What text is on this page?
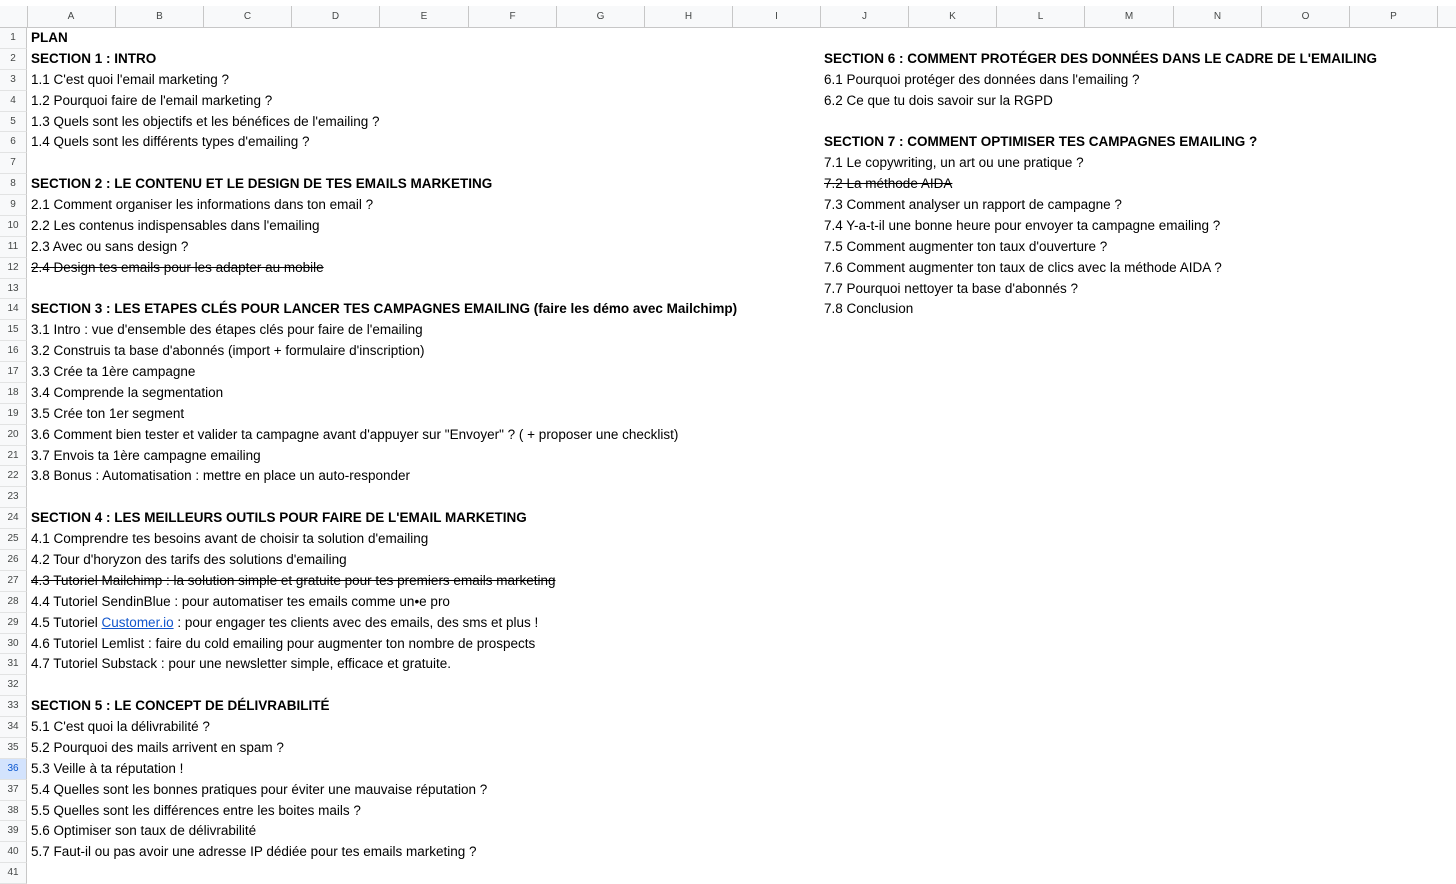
A	B	C	D	E	F	G	H	I	J	K	L	M	N	O	P
1
2
3
4
5
6
7
8
9
10
11
12
13
14
15
16
17
18
19
20
21
22
23
24
25
26
27
28
29
30
31
32
33
34
35
36
37
38
39
40
41
PLAN
SECTION 1 : INTRO
1.1 C'est quoi l'email marketing ?
1.2 Pourquoi faire de l'email marketing ?
1.3 Quels sont les objectifs et les bénéfices de l'emailing ?
1.4 Quels sont les différents types d'emailing ?
SECTION 2 : LE CONTENU ET LE DESIGN DE TES EMAILS MARKETING
2.1 Comment organiser les informations dans ton email ?
2.2 Les contenus indispensables dans l'emailing
2.3 Avec ou sans design ?
2.4 Design tes emails pour les adapter au mobile
SECTION 3 : LES ETAPES CLÉS POUR LANCER TES CAMPAGNES EMAILING (faire les démo avec Mailchimp)
3.1 Intro : vue d'ensemble des étapes clés pour faire de l'emailing
3.2 Construis ta base d'abonnés (import + formulaire d'inscription)
3.3 Crée ta 1ère campagne
3.4 Comprende la segmentation
3.5 Crée ton 1er segment
3.6 Comment bien tester et valider ta campagne avant d'appuyer sur "Envoyer" ? ( + proposer une checklist)
3.7 Envois ta 1ère campagne emailing
3.8 Bonus : Automatisation : mettre en place un auto-responder
SECTION 4 : LES MEILLEURS OUTILS POUR FAIRE DE L'EMAIL MARKETING
4.1 Comprendre tes besoins avant de choisir ta solution d'emailing
4.2 Tour d'horyzon des tarifs des solutions d'emailing
4.3 Tutoriel Mailchimp : la solution simple et gratuite pour tes premiers emails marketing
4.4 Tutoriel SendinBlue : pour automatiser tes emails comme un•e pro
4.5 Tutoriel Customer.io : pour engager tes clients avec des emails, des sms et plus !
4.6 Tutoriel Lemlist : faire du cold emailing pour augmenter ton nombre de prospects
4.7 Tutoriel Substack : pour une newsletter simple, efficace et gratuite.
SECTION 5 : LE CONCEPT DE DÉLIVRABILITÉ
5.1 C'est quoi la délivrabilité ?
5.2 Pourquoi des mails arrivent en spam ?
5.3 Veille à ta réputation !
5.4 Quelles sont les bonnes pratiques pour éviter une mauvaise réputation ?
5.5 Quelles sont les différences entre les boites mails ?
5.6 Optimiser son taux de délivrabilité
5.7 Faut-il ou pas avoir une adresse IP dédiée pour tes emails marketing ?
SECTION 6 : COMMENT PROTÉGER DES DONNÉES DANS LE CADRE DE L'EMAILING
6.1 Pourquoi protéger des données dans l'emailing ?
6.2 Ce que tu dois savoir sur la RGPD
SECTION 7 : COMMENT OPTIMISER TES CAMPAGNES EMAILING ?
7.1 Le copywriting, un art ou une pratique ?
7.2 La méthode AIDA
7.3 Comment analyser un rapport de campagne ?
7.4 Y-a-t-il une bonne heure pour envoyer ta campagne emailing ?
7.5 Comment augmenter ton taux d'ouverture ?
7.6 Comment augmenter ton taux de clics avec la méthode AIDA ?
7.7 Pourquoi nettoyer ta base d'abonnés ?
7.8 Conclusion
